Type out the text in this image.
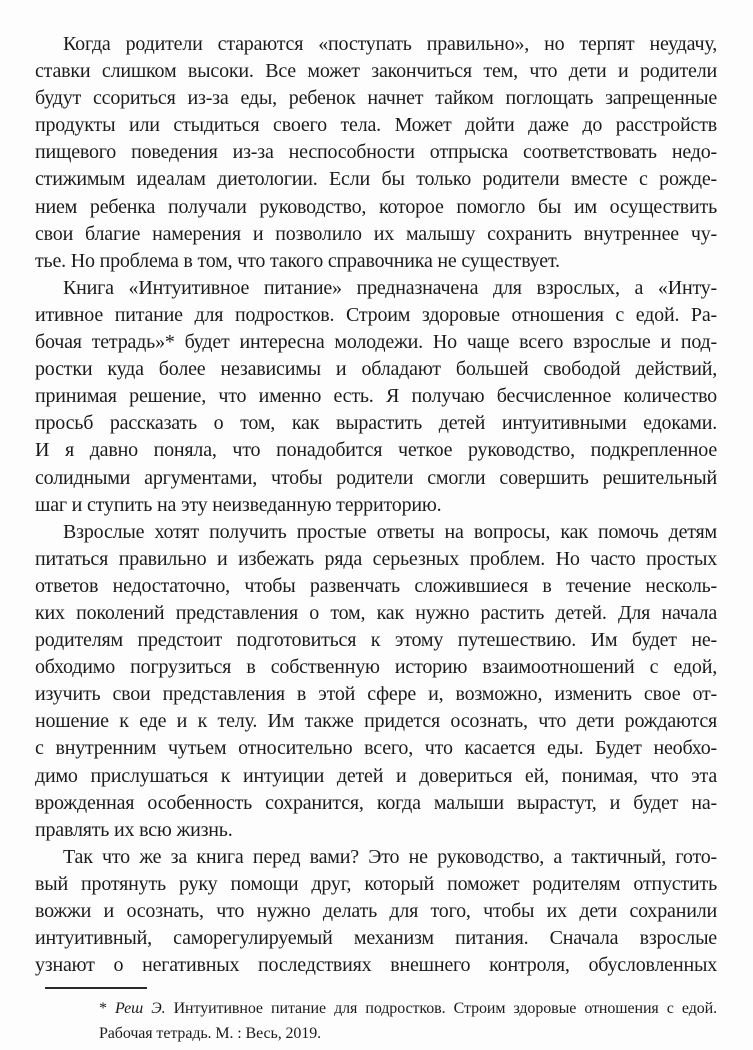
Когда родители стараются «поступать правильно», но терпят неудачу,
ставки слишком высоки. Все может закончиться тем, что дети и родители
будут ссориться из-за еды, ребенок начнет тайком поглощать запрещенные
продукты или стыдиться своего тела. Может дойти даже до расстройств
пищевого поведения из-за неспособности отпрыска соответствовать недо-
стижимым идеалам диетологии. Если бы только родители вместе с рожде-
нием ребенка получали руководство, которое помогло бы им осуществить
свои благие намерения и позволило их малышу сохранить внутреннее чу-
тье. Но проблема в том, что такого справочника не существует.
Книга «Интуитивное питание» предназначена для взрослых, а «Инту-
итивное питание для подростков. Строим здоровые отношения с едой. Ра-
бочая тетрадь»* будет интересна молодежи. Но чаще всего взрослые и под-
ростки куда более независимы и обладают большей свободой действий,
принимая решение, что именно есть. Я получаю бесчисленное количество
просьб рассказать о том, как вырастить детей интуитивными едоками.
И я давно поняла, что понадобится четкое руководство, подкрепленное
солидными аргументами, чтобы родители смогли совершить решительный
шаг и ступить на эту неизведанную территорию.
Взрослые хотят получить простые ответы на вопросы, как помочь детям
питаться правильно и избежать ряда серьезных проблем. Но часто простых
ответов недостаточно, чтобы развенчать сложившиеся в течение несколь-
ких поколений представления о том, как нужно растить детей. Для начала
родителям предстоит подготовиться к этому путешествию. Им будет не-
обходимо погрузиться в собственную историю взаимоотношений с едой,
изучить свои представления в этой сфере и, возможно, изменить свое от-
ношение к еде и к телу. Им также придется осознать, что дети рождаются
с внутренним чутьем относительно всего, что касается еды. Будет необхо-
димо прислушаться к интуиции детей и довериться ей, понимая, что эта
врожденная особенность сохранится, когда малыши вырастут, и будет на-
правлять их всю жизнь.
Так что же за книга перед вами? Это не руководство, а тактичный, гото-
вый протянуть руку помощи друг, который поможет родителям отпустить
вожжи и осознать, что нужно делать для того, чтобы их дети сохранили
интуитивный, саморегулируемый механизм питания. Сначала взрослые
узнают о негативных последствиях внешнего контроля, обусловленных
* Реш Э. Интуитивное питание для подростков. Строим здоровые отношения с едой.
Рабочая тетрадь. М. : Весь, 2019.
